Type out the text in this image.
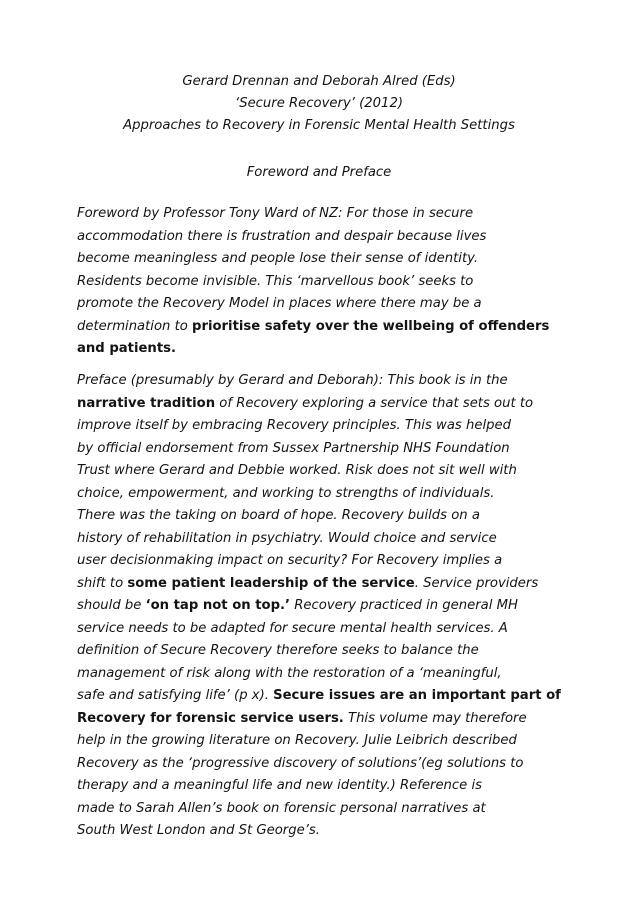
Gerard Drennan and Deborah Alred (Eds)
‘Secure Recovery’ (2012)
Approaches to Recovery in Forensic Mental Health Settings
Foreword and Preface
Foreword by Professor Tony Ward of NZ: For those in secure
accommodation there is frustration and despair because lives
become meaningless and people lose their sense of identity.
Residents become invisible. This ‘marvellous book’ seeks to
promote the Recovery Model in places where there may be a
determination to prioritise safety over the wellbeing of offenders
and patients.
Preface (presumably by Gerard and Deborah): This book is in the
narrative tradition of Recovery exploring a service that sets out to
improve itself by embracing Recovery principles. This was helped
by official endorsement from Sussex Partnership NHS Foundation
Trust where Gerard and Debbie worked. Risk does not sit well with
choice, empowerment, and working to strengths of individuals.
There was the taking on board of hope. Recovery builds on a
history of rehabilitation in psychiatry. Would choice and service
user decisionmaking impact on security? For Recovery implies a
shift to some patient leadership of the service. Service providers
should be ‘on tap not on top.’ Recovery practiced in general MH
service needs to be adapted for secure mental health services. A
definition of Secure Recovery therefore seeks to balance the
management of risk along with the restoration of a ‘meaningful,
safe and satisfying life’ (p x). Secure issues are an important part of
Recovery for forensic service users. This volume may therefore
help in the growing literature on Recovery. Julie Leibrich described
Recovery as the ‘progressive discovery of solutions’(eg solutions to
therapy and a meaningful life and new identity.) Reference is
made to Sarah Allen’s book on forensic personal narratives at
South West London and St George’s.
